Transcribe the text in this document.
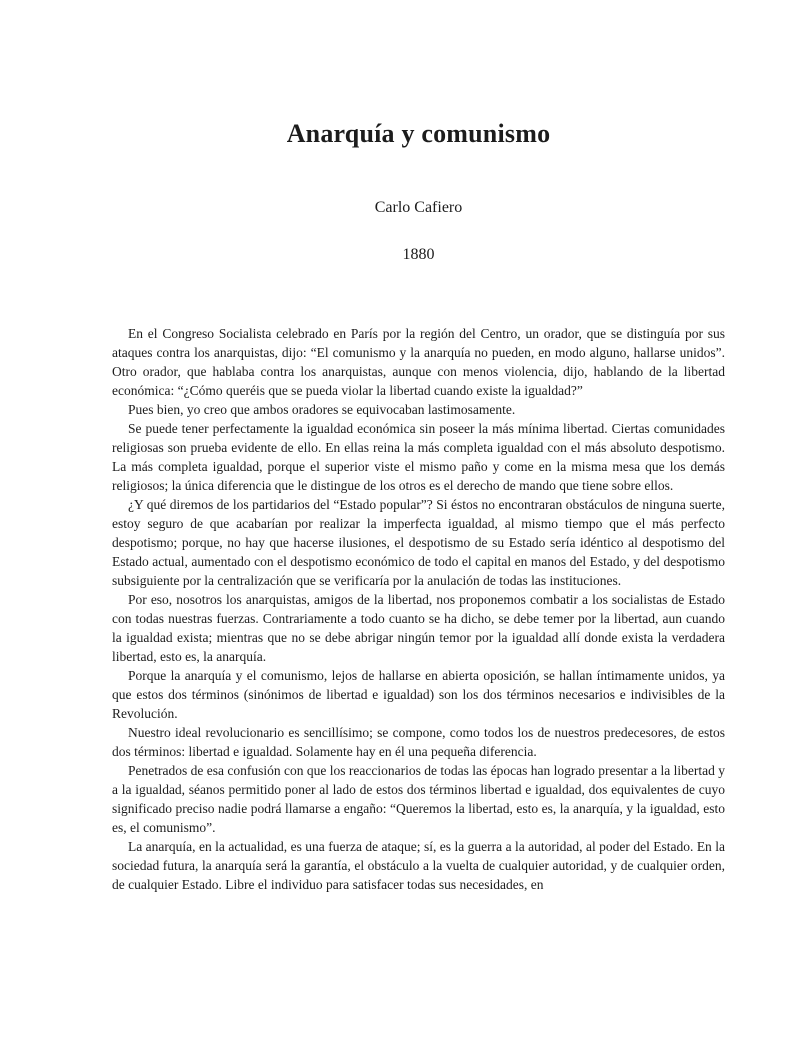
Anarquía y comunismo
Carlo Cafiero
1880

En el Congreso Socialista celebrado en París por la región del Centro, un orador, que se distinguía por sus ataques contra los anarquistas, dijo: “El comunismo y la anarquía no pueden, en modo alguno, hallarse unidos”. Otro orador, que hablaba contra los anarquistas, aunque con menos violencia, dijo, hablando de la libertad económica: “¿Cómo queréis que se pueda violar la libertad cuando existe la igualdad?”

Pues bien, yo creo que ambos oradores se equivocaban lastimosamente.

Se puede tener perfectamente la igualdad económica sin poseer la más mínima libertad. Ciertas comunidades religiosas son prueba evidente de ello. En ellas reina la más completa igualdad con el más absoluto despotismo. La más completa igualdad, porque el superior viste el mismo paño y come en la misma mesa que los demás religiosos; la única diferencia que le distingue de los otros es el derecho de mando que tiene sobre ellos.

¿Y qué diremos de los partidarios del “Estado popular”? Si éstos no encontraran obstáculos de ninguna suerte, estoy seguro de que acabarían por realizar la imperfecta igualdad, al mismo tiempo que el más perfecto despotismo; porque, no hay que hacerse ilusiones, el despotismo de su Estado sería idéntico al despotismo del Estado actual, aumentado con el despotismo económico de todo el capital en manos del Estado, y del despotismo subsiguiente por la centralización que se verificaría por la anulación de todas las instituciones.

Por eso, nosotros los anarquistas, amigos de la libertad, nos proponemos combatir a los socialistas de Estado con todas nuestras fuerzas. Contrariamente a todo cuanto se ha dicho, se debe temer por la libertad, aun cuando la igualdad exista; mientras que no se debe abrigar ningún temor por la igualdad allí donde exista la verdadera libertad, esto es, la anarquía.

Porque la anarquía y el comunismo, lejos de hallarse en abierta oposición, se hallan íntimamente unidos, ya que estos dos términos (sinónimos de libertad e igualdad) son los dos términos necesarios e indivisibles de la Revolución.

Nuestro ideal revolucionario es sencillísimo; se compone, como todos los de nuestros predecesores, de estos dos términos: libertad e igualdad. Solamente hay en él una pequeña diferencia.

Penetrados de esa confusión con que los reaccionarios de todas las épocas han logrado presentar a la libertad y a la igualdad, séanos permitido poner al lado de estos dos términos libertad e igualdad, dos equivalentes de cuyo significado preciso nadie podrá llamarse a engaño: “Queremos la libertad, esto es, la anarquía, y la igualdad, esto es, el comunismo”.

La anarquía, en la actualidad, es una fuerza de ataque; sí, es la guerra a la autoridad, al poder del Estado. En la sociedad futura, la anarquía será la garantía, el obstáculo a la vuelta de cualquier autoridad, y de cualquier orden, de cualquier Estado. Libre el individuo para satisfacer todas sus necesidades, en
